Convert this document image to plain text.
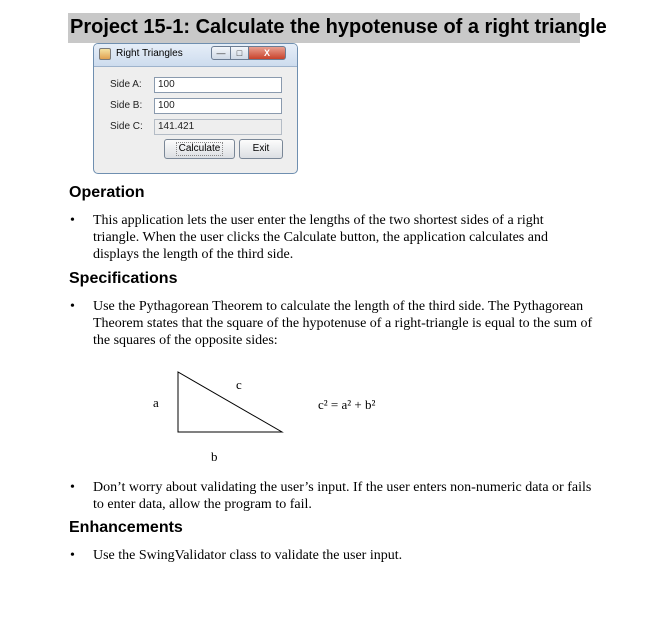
Project 15-1: Calculate the hypotenuse of a right triangle
Right Triangles	—	□	X
Side A:	100
Side B:	100
Side C:	141.421
Calculate	Exit
Operation
• This application lets the user enter the lengths of the two shortest sides of a right triangle. When the user clicks the Calculate button, the application calculates and displays the length of the third side.
Specifications
• Use the Pythagorean Theorem to calculate the length of the third side. The Pythagorean Theorem states that the square of the hypotenuse of a right-triangle is equal to the sum of the squares of the opposite sides:
a
c
b
c² = a² + b²
• Don’t worry about validating the user’s input. If the user enters non-numeric data or fails to enter data, allow the program to fail.
Enhancements
• Use the SwingValidator class to validate the user input.
